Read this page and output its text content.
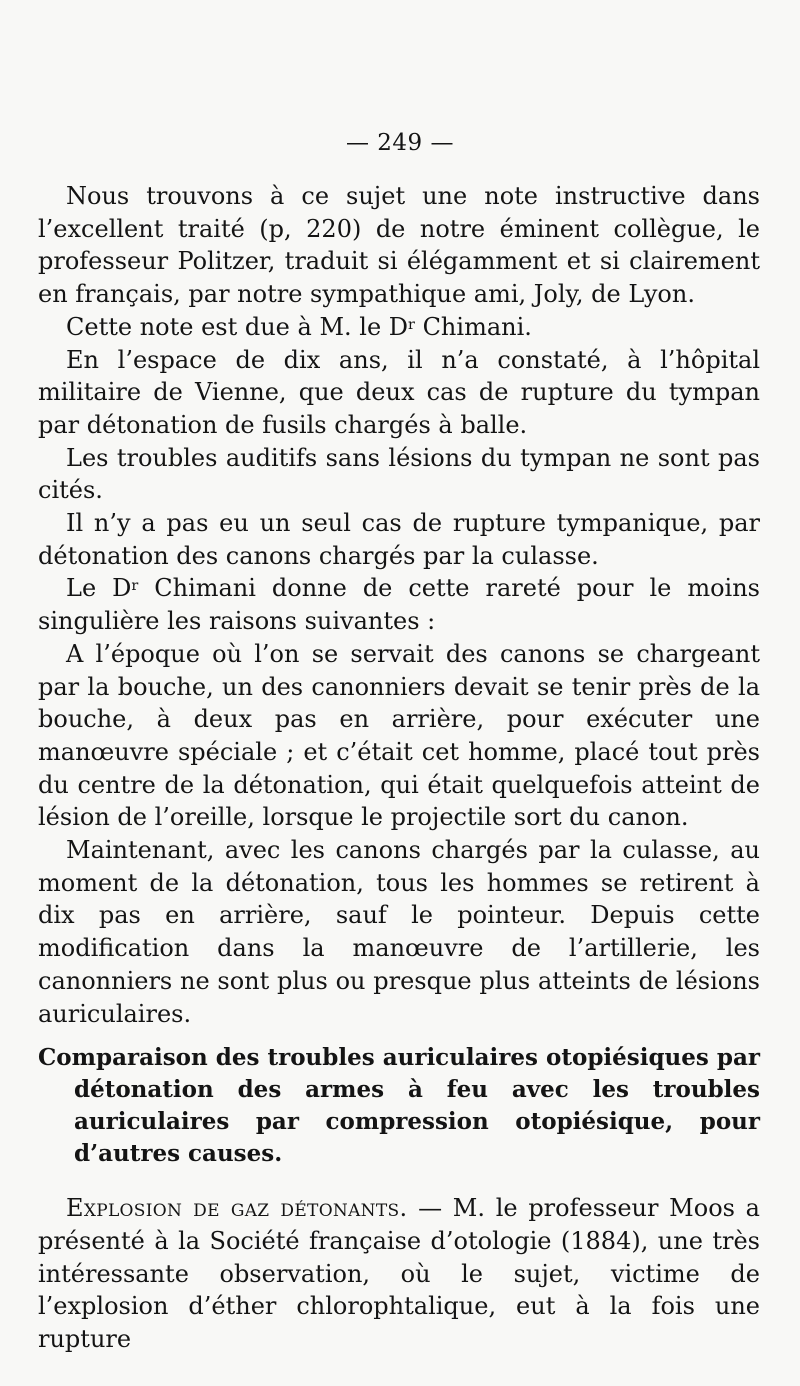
— 249 —

Nous trouvons à ce sujet une note instructive dans l’excellent traité (p, 220) de notre éminent collègue, le professeur Politzer, traduit si élégamment et si clairement en français, par notre sympathique ami, Joly, de Lyon.

Cette note est due à M. le $D^r$ Chimani.

En l’espace de dix ans, il n’a constaté, à l’hôpital militaire de Vienne, que deux cas de rupture du tympan par détonation de fusils chargés à balle.

Les troubles auditifs sans lésions du tympan ne sont pas cités.

Il n’y a pas eu un seul cas de rupture tympanique, par détonation des canons chargés par la culasse.

Le $D^r$ Chimani donne de cette rareté pour le moins singulière les raisons suivantes :

A l’époque où l’on se servait des canons se chargeant par la bouche, un des canonniers devait se tenir près de la bouche, à deux pas en arrière, pour exécuter une manœuvre spéciale ; et c’était cet homme, placé tout près du centre de la détonation, qui était quelquefois atteint de lésion de l’oreille, lorsque le projectile sort du canon.

Maintenant, avec les canons chargés par la culasse, au moment de la détonation, tous les hommes se retirent à dix pas en arrière, sauf le pointeur. Depuis cette modification dans la manœuvre de l’artillerie, les canonniers ne sont plus ou presque plus atteints de lésions auriculaires.

Comparaison des troubles auriculaires otopiésiques par détonation des armes à feu avec les troubles auriculaires par compression otopiésique, pour d’autres causes.

Explosion de gaz détonants. — M. le professeur Moos a présenté à la Société française d’otologie (1884), une très intéressante observation, où le sujet, victime de l’explosion d’éther chlorophtalique, eut à la fois une rupture
